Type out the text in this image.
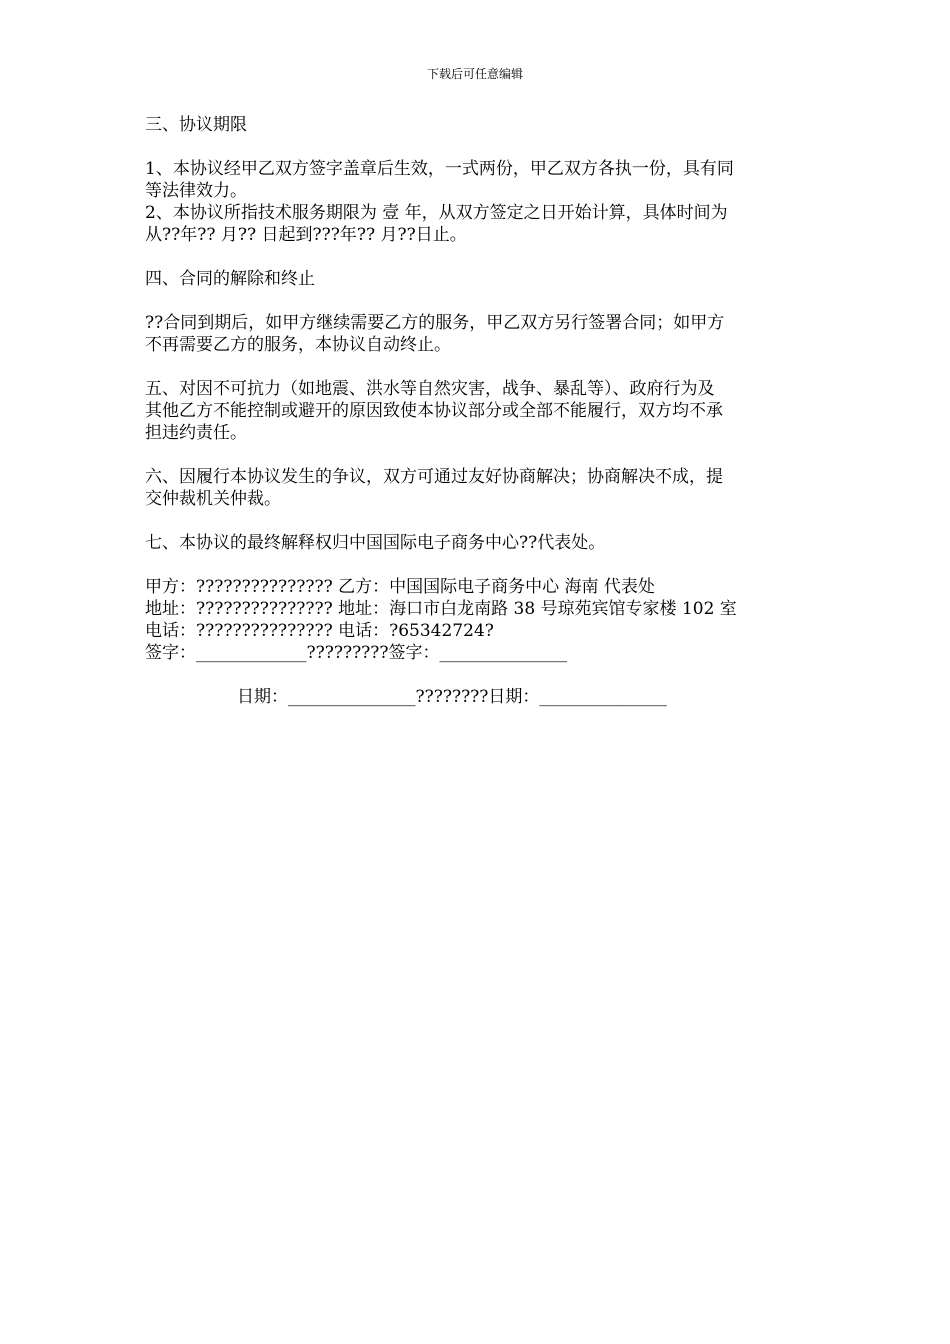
下载后可任意编辑

三、协议期限

1、本协议经甲乙双方签字盖章后生效，一式两份，甲乙双方各执一份，具有同

等法律效力。

2、本协议所指技术服务期限为 壹 年，从双方签定之日开始计算，具体时间为

从??年?? 月?? 日起到???年?? 月??日止。

四、合同的解除和终止

??合同到期后，如甲方继续需要乙方的服务，甲乙双方另行签署合同；如甲方

不再需要乙方的服务，本协议自动终止。

五、对因不可抗力（如地震、洪水等自然灾害，战争、暴乱等）、政府行为及

其他乙方不能控制或避开的原因致使本协议部分或全部不能履行，双方均不承

担违约责任。

六、因履行本协议发生的争议，双方可通过友好协商解决；协商解决不成，提

交仲裁机关仲裁。

七、本协议的最终解释权归中国国际电子商务中心??代表处。

甲方：??????????????? 乙方：中国国际电子商务中心 海南 代表处

地址：??????????????? 地址：海口市白龙南路 38 号琼苑宾馆专家楼 102 室

电话：??????????????? 电话：?65342724?

签字：_____________?????????签字：_______________

日期：_______________????????日期：_______________
